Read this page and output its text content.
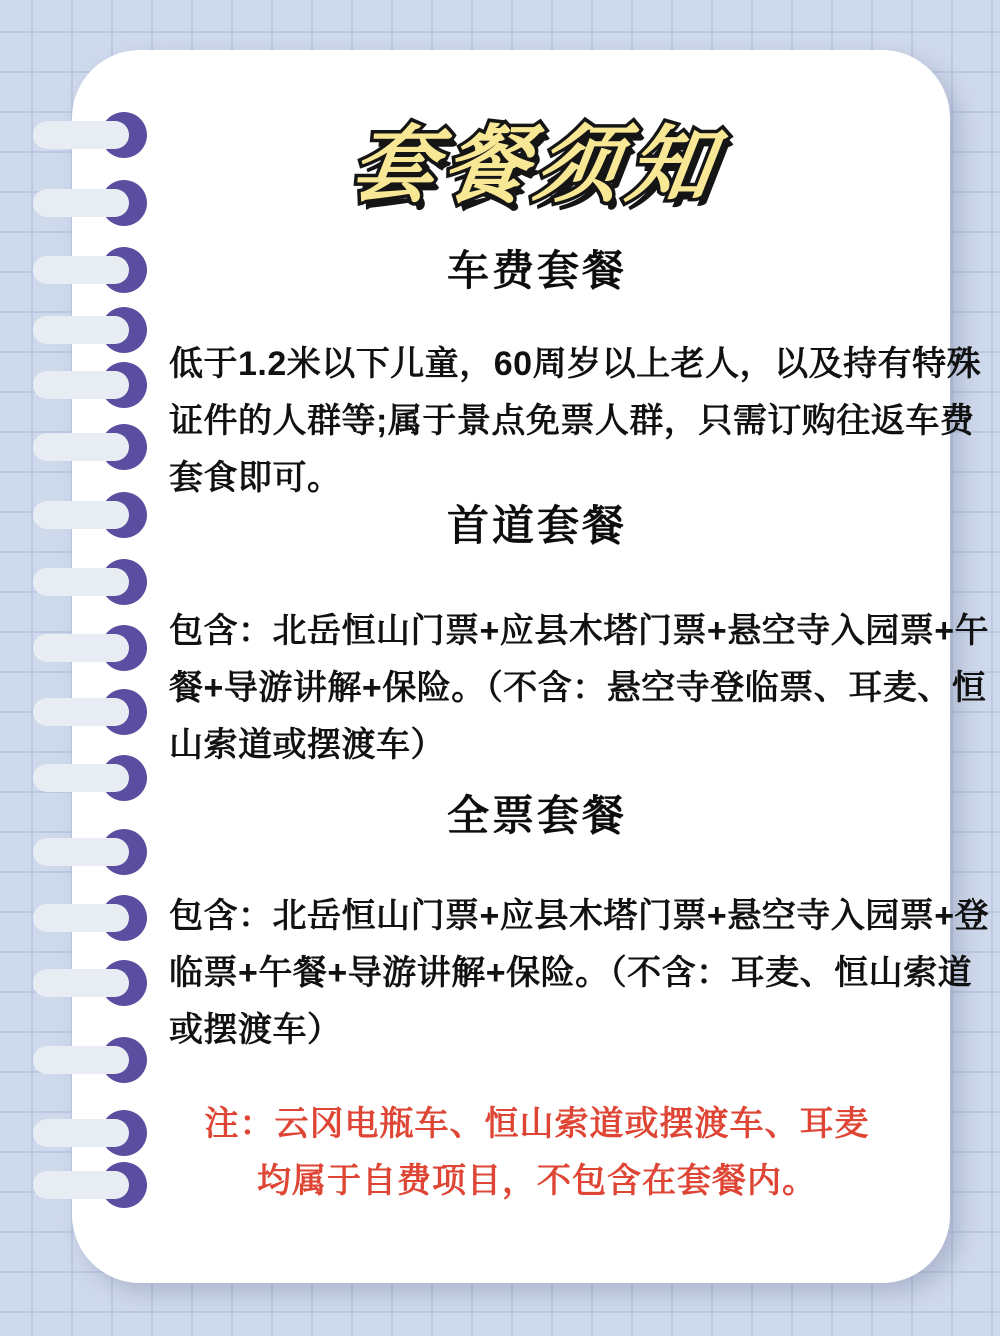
套餐须知
车费套餐
低于1.2米以下儿童，60周岁以上老人，以及持有特殊
证件的人群等;属于景点免票人群，只需订购往返车费
套食即可。
首道套餐
包含：北岳恒山门票+应县木塔门票+悬空寺入园票+午
餐+导游讲解+保险。（不含：悬空寺登临票、耳麦、恒
山索道或摆渡车）
全票套餐
包含：北岳恒山门票+应县木塔门票+悬空寺入园票+登
临票+午餐+导游讲解+保险。（不含：耳麦、恒山索道
或摆渡车）
注：云冈电瓶车、恒山索道或摆渡车、耳麦
均属于自费项目，不包含在套餐内。
